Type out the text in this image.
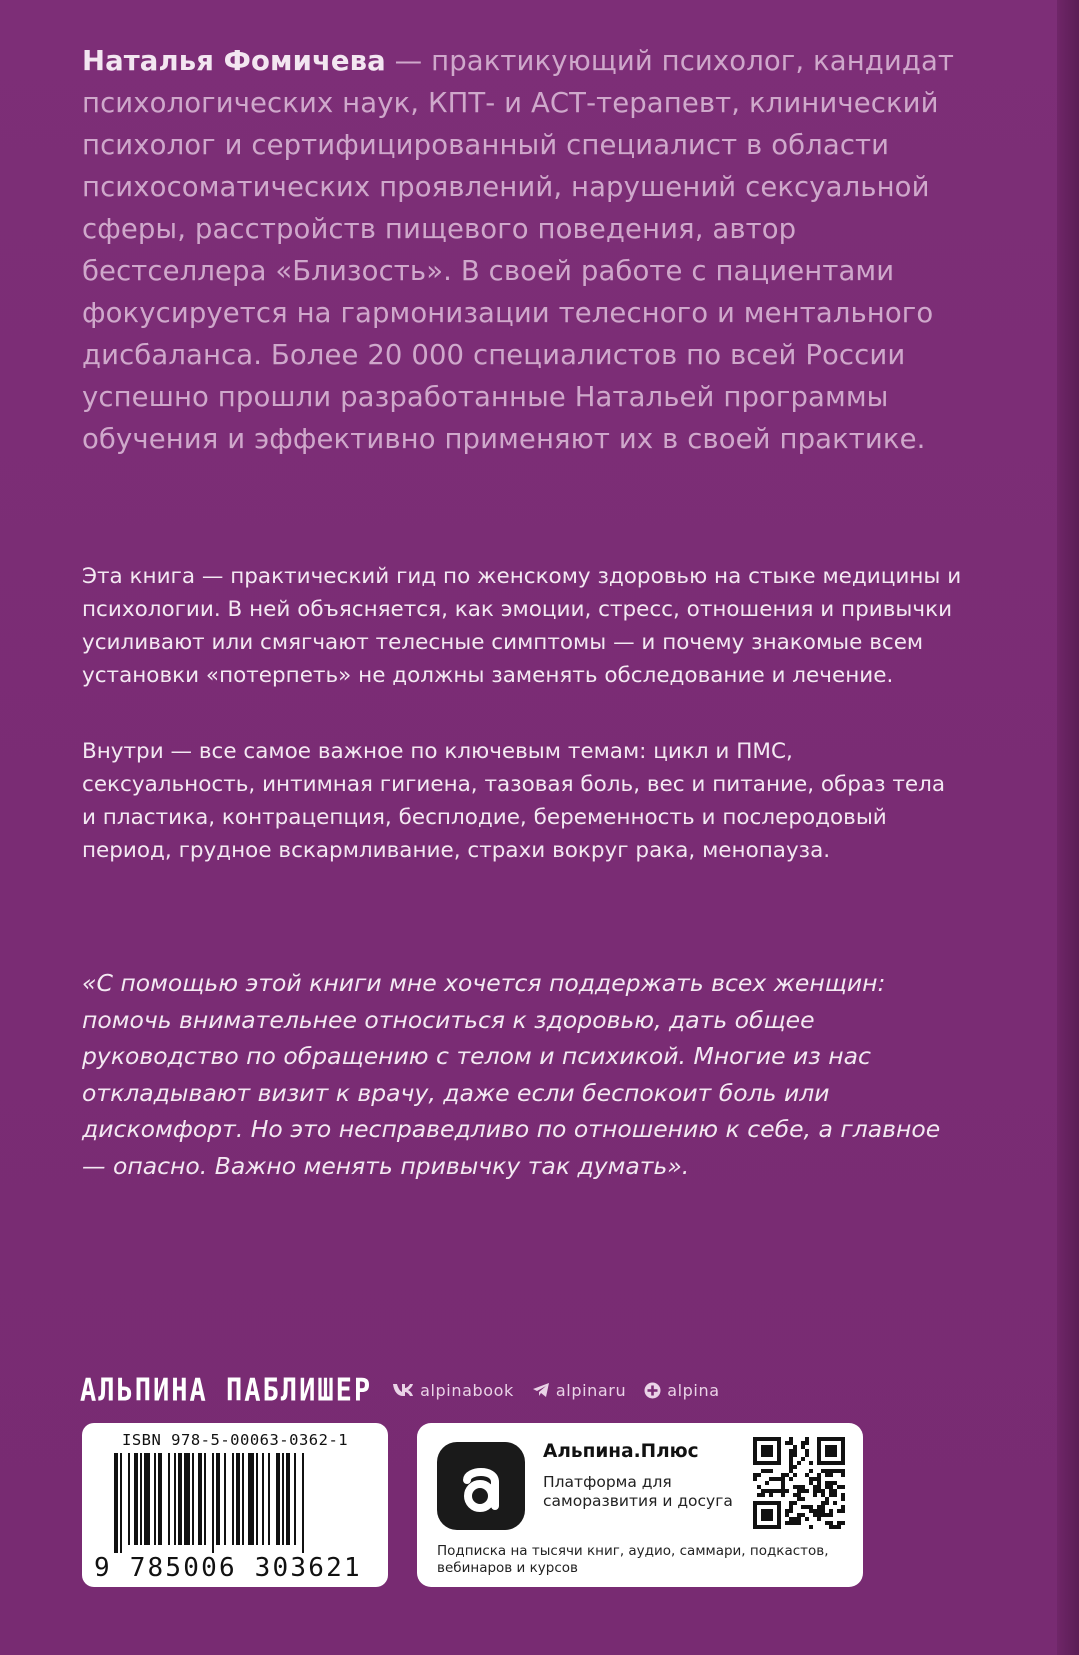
Наталья Фомичева — практикующий психолог, кандидат психологических наук, КПТ- и АСТ-терапевт, клинический психолог и сертифицированный специалист в области психосоматических проявлений, нарушений сексуальной сферы, расстройств пищевого поведения, автор бестселлера «Близость». В своей работе с пациентами фокусируется на гармонизации телесного и ментального дисбаланса. Более 20 000 специалистов по всей России успешно прошли разработанные Натальей программы обучения и эффективно применяют их в своей практике.

Эта книга — практический гид по женскому здоровью на стыке медицины и психологии. В ней объясняется, как эмоции, стресс, отношения и привычки усиливают или смягчают телесные симптомы — и почему знакомые всем установки «потерпеть» не должны заменять обследование и лечение.

Внутри — все самое важное по ключевым темам: цикл и ПМС, сексуальность, интимная гигиена, тазовая боль, вес и питание, образ тела и пластика, контрацепция, бесплодие, беременность и послеродовый период, грудное вскармливание, страхи вокруг рака, менопауза.

«С помощью этой книги мне хочется поддержать всех женщин: помочь внимательнее относиться к здоровью, дать общее руководство по обращению с телом и психикой. Многие из нас откладывают визит к врачу, даже если беспокоит боль или дискомфорт. Но это несправедливо по отношению к себе, а главное — опасно. Важно менять привычку так думать».

АЛЬПИНА ПАБЛИШЕР	alpinabook	alpinaru	alpina
ISBN 978-5-00063-0362-1
9 785006 303621
Альпина.Плюс
Платформа для саморазвития и досуга
Подписка на тысячи книг, аудио, саммари, подкастов, вебинаров и курсов
